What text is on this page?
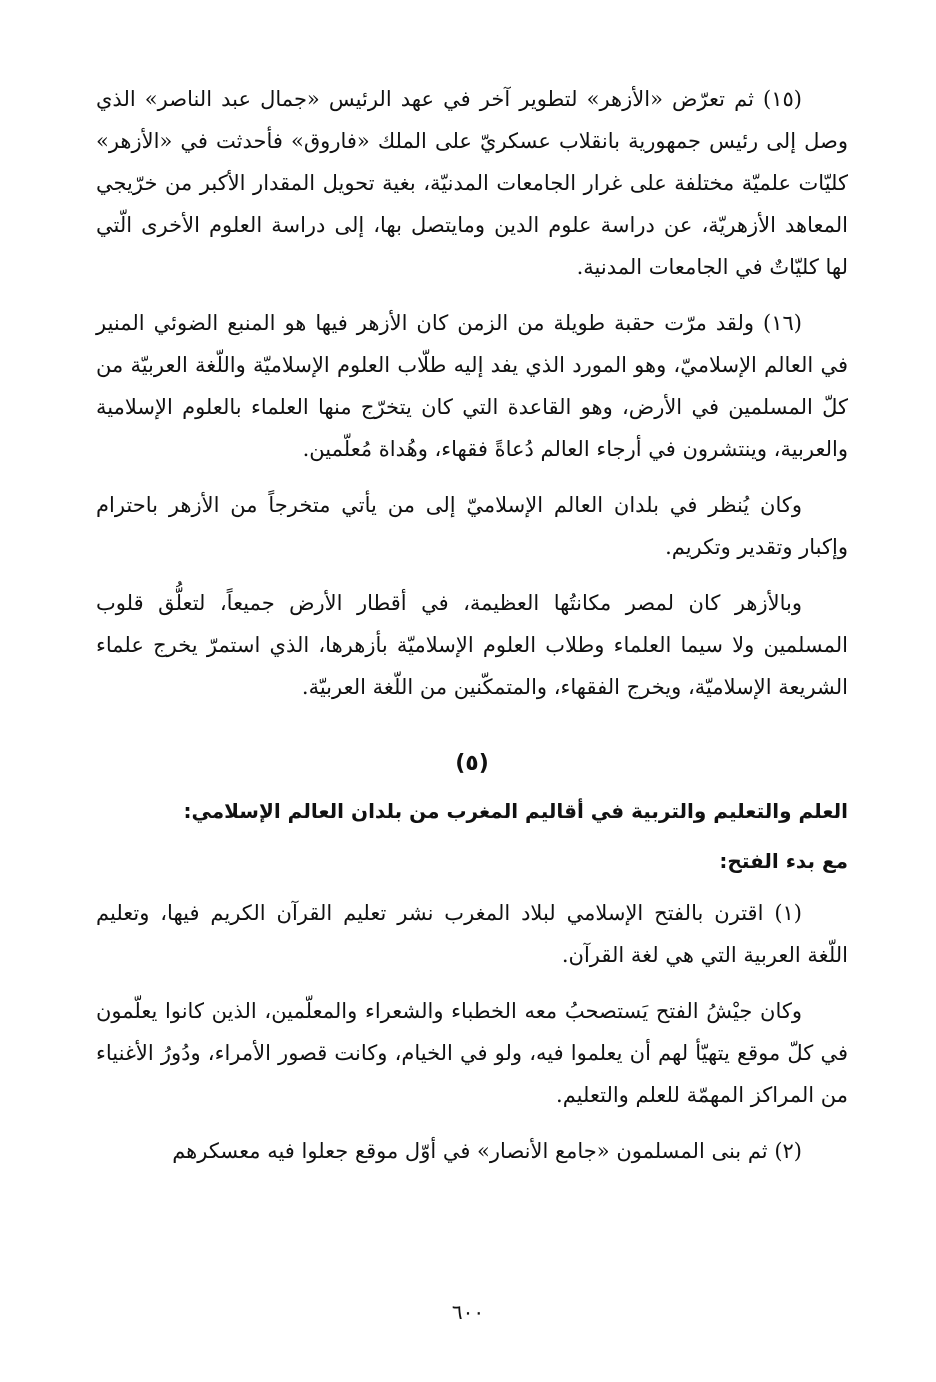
(١٥) ثم تعرّض «الأزهر» لتطوير آخر في عهد الرئيس «جمال عبد الناصر» الذي وصل إلى رئيس جمهورية بانقلاب عسكريّ على الملك «فاروق» فأحدثت في «الأزهر» كليّات علميّة مختلفة على غرار الجامعات المدنيّة، بغية تحويل المقدار الأكبر من خرّيجي المعاهد الأزهريّة، عن دراسة علوم الدين ومايتصل بها، إلى دراسة العلوم الأخرى الّتي لها كليّاتٌ في الجامعات المدنية.

(١٦) ولقد مرّت حقبة طويلة من الزمن كان الأزهر فيها هو المنبع الضوئي المنير في العالم الإسلاميّ، وهو المورد الذي يفد إليه طلّاب العلوم الإسلاميّة واللّغة العربيّة من كلّ المسلمين في الأرض، وهو القاعدة التي كان يتخرّج منها العلماء بالعلوم الإسلامية والعربية، وينتشرون في أرجاء العالم دُعاةً فقهاء، وهُداة مُعلّمين.

وكان يُنظر في بلدان العالم الإسلاميّ إلى من يأتي متخرجاً من الأزهر باحترام وإكبار وتقدير وتكريم.

وبالأزهر كان لمصر مكانتُها العظيمة، في أقطار الأرض جميعاً، لتعلُّق قلوب المسلمين ولا سيما العلماء وطلاب العلوم الإسلاميّة بأزهرها، الذي استمرّ يخرج علماء الشريعة الإسلاميّة، ويخرج الفقهاء، والمتمكّنين من اللّغة العربيّة.

(٥)
العلم والتعليم والتربية في أقاليم المغرب من بلدان العالم الإسلامي:
مع بدء الفتح:

(١) اقترن بالفتح الإسلامي لبلاد المغرب نشر تعليم القرآن الكريم فيها، وتعليم اللّغة العربية التي هي لغة القرآن.

وكان جيْشُ الفتح يَستصحبُ معه الخطباء والشعراء والمعلّمين، الذين كانوا يعلّمون في كلّ موقع يتهيّأ لهم أن يعلموا فيه، ولو في الخيام، وكانت قصور الأمراء، ودُورُ الأغنياء من المراكز المهمّة للعلم والتعليم.

(٢) ثم بنى المسلمون «جامع الأنصار» في أوّل موقع جعلوا فيه معسكرهم

٦٠٠
